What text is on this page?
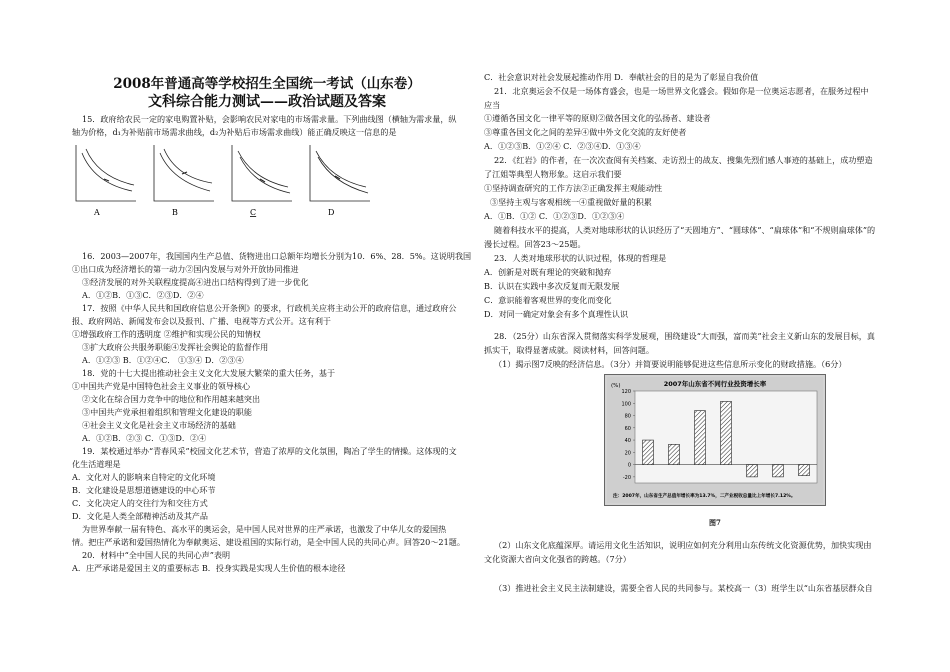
2008年普通高等学校招生全国统一考试（山东卷）
文科综合能力测试——政治试题及答案
15．政府给农民一定的家电购置补贴，会影响农民对家电的市场需求量。下列曲线图（横轴为需求量，纵
轴为价格，d₁为补贴前市场需求曲线，d₂为补贴后市场需求曲线）能正确反映这一信息的是
A	B	C	D
16．2003—2007年，我国国内生产总值、货物进出口总额年均增长分别为10．6%、28．5%。这说明我国
①出口成为经济增长的第一动力②国内发展与对外开放协同推进
③经济发展的对外关联程度提高④进出口结构得到了进一步优化
A．①②B．①③C．②③D．②④
17．按照《中华人民共和国政府信息公开条例》的要求，行政机关应将主动公开的政府信息，通过政府公
报、政府网站、新闻发布会以及报刊、广播、电视等方式公开。这有利于
①增强政府工作的透明度 ②维护和实现公民的知情权
③扩大政府公共服务职能④发挥社会舆论的监督作用
A．①②③ B．①②④C． ①③④ D．②③④
18．党的十七大提出推动社会主义文化大发展大繁荣的重大任务，基于
①中国共产党是中国特色社会主义事业的领导核心
②文化在综合国力竞争中的地位和作用越来越突出
③中国共产党承担着组织和管理文化建设的职能
④社会主义文化是社会主义市场经济的基础
A．①②B．②③ C．①③D．②④
19．某校通过举办“青春风采”校园文化艺术节，营造了浓厚的文化氛围，陶冶了学生的情操。这体现的文
化生活道理是
A．文化对人的影响来自特定的文化环境
B．文化建设是思想道德建设的中心环节
C．文化决定人的交往行为和交往方式
D．文化是人类全部精神活动及其产品
为世界奉献一届有特色、高水平的奥运会，是中国人民对世界的庄严承诺，也激发了中华儿女的爱国热
情。把庄严承诺和爱国热情化为奉献奥运、建设祖国的实际行动，是全中国人民的共同心声。回答20～21题。
20．材料中“全中国人民的共同心声”表明
A．庄严承诺是爱国主义的重要标志 B．投身实践是实现人生价值的根本途径
C．社会意识对社会发展起推动作用 D．奉献社会的目的是为了彰显自我价值
21．北京奥运会不仅是一场体育盛会，也是一场世界文化盛会。假如你是一位奥运志愿者，在服务过程中
应当
①遵循各国文化一律平等的原则②做各国文化的弘扬者、建设者
③尊重各国文化之间的差异④做中外文化交流的友好使者
A．①②③B．①②④ C．②③④D．①③④
22．《红岩》的作者，在一次次查阅有关档案、走访烈士的战友、搜集先烈们感人事迹的基础上，成功塑造
了江姐等典型人物形象。这启示我们要
①坚持调查研究的工作方法②正确发挥主观能动性
③坚持主观与客观相统一④重视做好量的积累
A．①B．①② C．①②③D．①②③④
随着科技水平的提高，人类对地球形状的认识经历了“天圆地方”、“圆球体”、“扁球体”和“不规则扁球体”的
漫长过程。回答23～25题。
23．人类对地球形状的认识过程，体现的哲理是
A．创新是对既有理论的突破和抛弃
B．认识在实践中多次反复而无限发展
C．意识能着客观世界的变化而变化
D．对同一确定对象会有多个真理性认识
28．（25分）山东省深入贯彻落实科学发展观，围绕建设“大而强，富而美”社会主义新山东的发展目标，真
抓实干，取得显著成就。阅读材料，回答问题。
（1）揭示图7反映的经济信息。（3分）并简要说明能够促进这些信息所示变化的财政措施。（6分）
2007年山东省不同行业投资增长率
(%)
120
100
80
60
40
20
0
-20
注：2007年，山东省生产总值年增长率为13.7%，二产业税收总量比上年增长7.12%。
图7
（2）山东文化底蕴深厚。请运用文化生活知识，说明应如何充分利用山东传统文化资源优势，加快实现由
文化资源大省向文化强省的跨越。（7分）
（3）推进社会主义民主法制建设，需要全省人民的共同参与。某校高一（3）班学生以“山东省基层群众自
